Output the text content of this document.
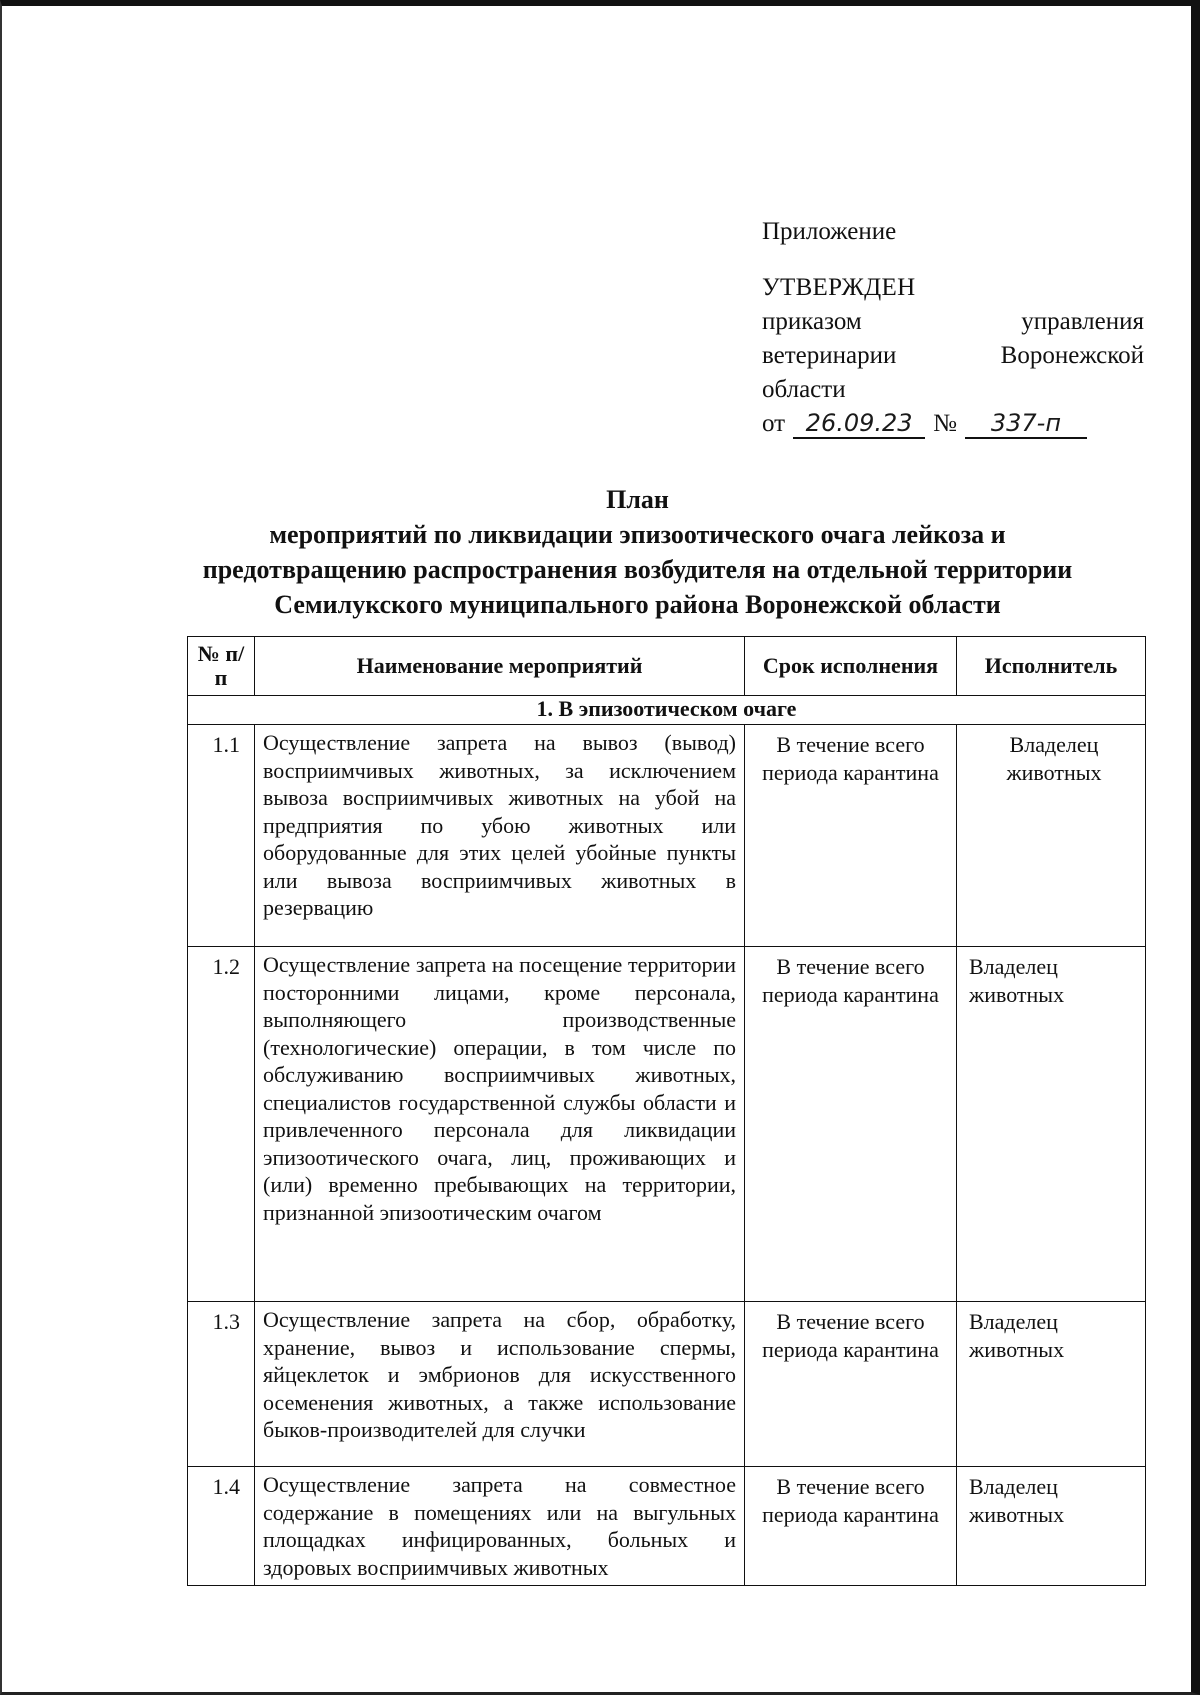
Приложение
УТВЕРЖДЕН
приказом	управления
ветеринарии	Воронежской
области
от 26.09.23 №	337-п
План
мероприятий по ликвидации эпизоотического очага лейкоза и
предотвращению распространения возбудителя на отдельной территории
Семилукского муниципального района Воронежской области
№ п/п	Наименование мероприятий	Срок исполнения	Исполнитель
1. В эпизоотическом очаге			
1.1	Осуществление запрета на вывоз (вывод) восприимчивых животных, за исключением вывоза восприимчивых животных на убой на предприятия по убою животных или оборудованные для этих целей убойные пункты или вывоза восприимчивых животных в резервацию	В течение всего периода карантина	Владелец животных
1.2	Осуществление запрета на посещение территории посторонними лицами, кроме персонала, выполняющего производственные (технологические) операции, в том числе по обслуживанию восприимчивых животных, специалистов государственной службы области и привлеченного персонала для ликвидации эпизоотического очага, лиц, проживающих и (или) временно пребывающих на территории, признанной эпизоотическим очагом	В течение всего периода карантина	Владелец животных
1.3	Осуществление запрета на сбор, обработку, хранение, вывоз и использование спермы, яйцеклеток и эмбрионов для искусственного осеменения животных, а также использование быков-производителей для случки	В течение всего периода карантина	Владелец животных
1.4	Осуществление запрета на совместное содержание в помещениях или на выгульных площадках инфицированных, больных и здоровых восприимчивых животных	В течение всего периода карантина	Владелец животных
